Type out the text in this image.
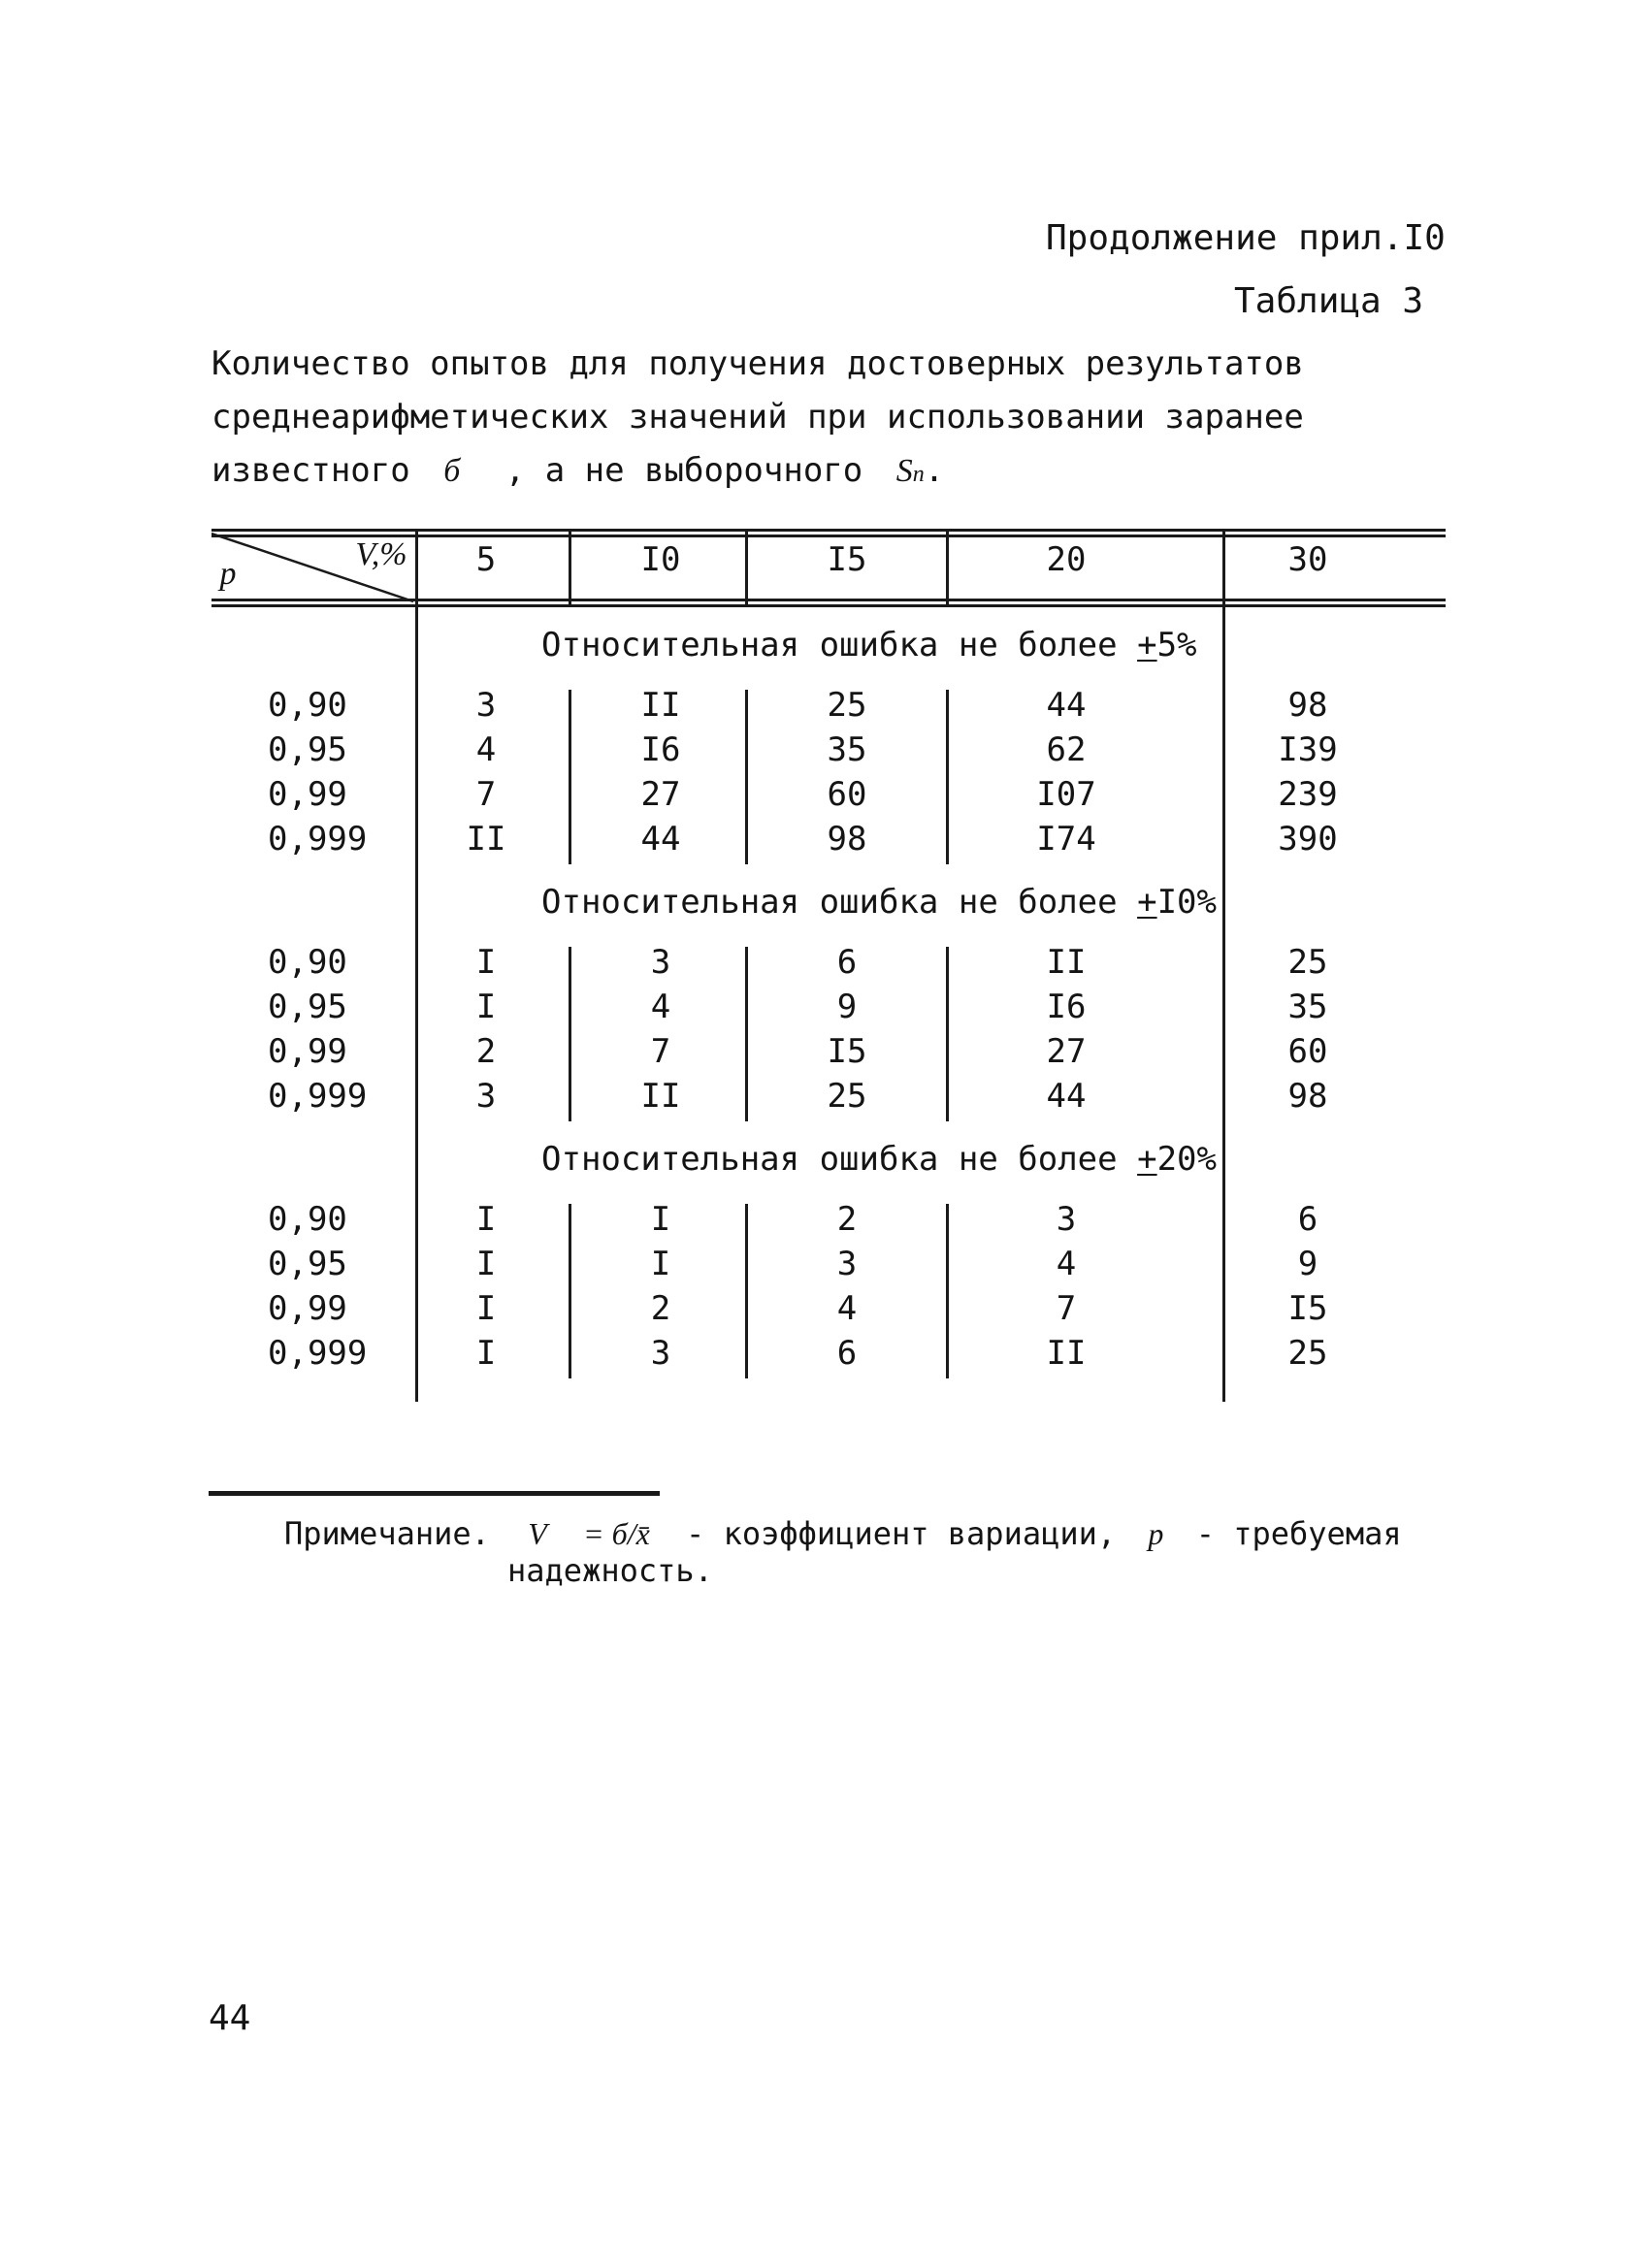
Продолжение прил.I0
Таблица 3
Количество опытов для получения достоверных результатов
среднеарифметических значений при использовании заранее
известного б , а не выборочного Sn.
V,%
p	5	I0	I5	20	30
Относительная ошибка не более +5%
0,90	3	II	25	44	98
0,95	4	I6	35	62	I39
0,99	7	27	60	I07	239
0,999	II	44	98	I74	390
Относительная ошибка не более +I0%
0,90	I	3	6	II	25
0,95	I	4	9	I6	35
0,99	2	7	I5	27	60
0,999	3	II	25	44	98
Относительная ошибка не более +20%
0,90	I	I	2	3	6
0,95	I	I	3	4	9
0,99	I	2	4	7	I5
0,999	I	3	6	II	25
Примечание. V = б/x̄ - коэффициент вариации, p - требуемая
надежность.
44
